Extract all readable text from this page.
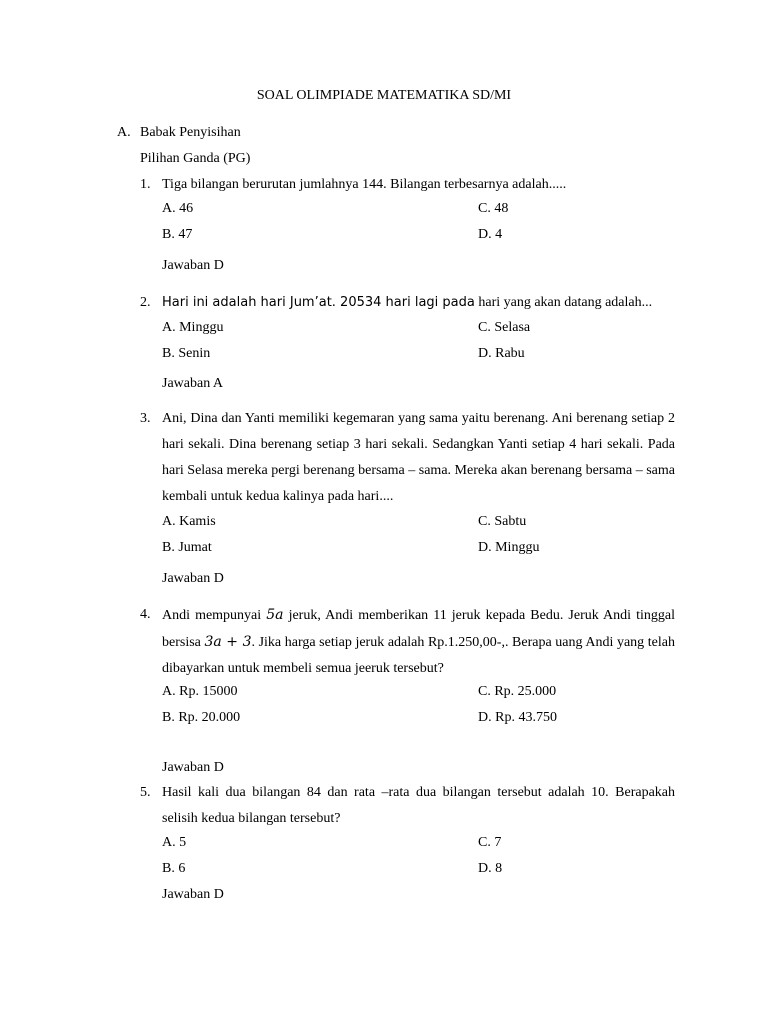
SOAL OLIMPIADE MATEMATIKA SD/MI
A. Babak Penyisihan
Pilihan Ganda (PG)
1. Tiga bilangan berurutan jumlahnya 144. Bilangan terbesarnya adalah.....
A. 46	C. 48
B. 47	D. 4
Jawaban D
2. Hari ini adalah hari Jum’at. 20534 hari lagi pada hari yang akan datang adalah...
A. Minggu	C. Selasa
B. Senin	D. Rabu
Jawaban A
3. Ani, Dina dan Yanti memiliki kegemaran yang sama yaitu berenang. Ani berenang setiap 2 hari sekali. Dina berenang setiap 3 hari sekali. Sedangkan Yanti setiap 4 hari sekali. Pada hari Selasa mereka pergi berenang bersama – sama. Mereka akan berenang bersama – sama kembali untuk kedua kalinya pada hari....
A. Kamis	C. Sabtu
B. Jumat	D. Minggu
Jawaban D
4. Andi mempunyai 5a jeruk, Andi memberikan 11 jeruk kepada Bedu. Jeruk Andi tinggal bersisa 3a + 3. Jika harga setiap jeruk adalah Rp.1.250,00-,. Berapa uang Andi yang telah dibayarkan untuk membeli semua jeeruk tersebut?
A. Rp. 15000	C. Rp. 25.000
B. Rp. 20.000	D. Rp. 43.750
Jawaban D
5. Hasil kali dua bilangan 84 dan rata –rata dua bilangan tersebut adalah 10. Berapakah selisih kedua bilangan tersebut?
A. 5	C. 7
B. 6	D. 8
Jawaban D
